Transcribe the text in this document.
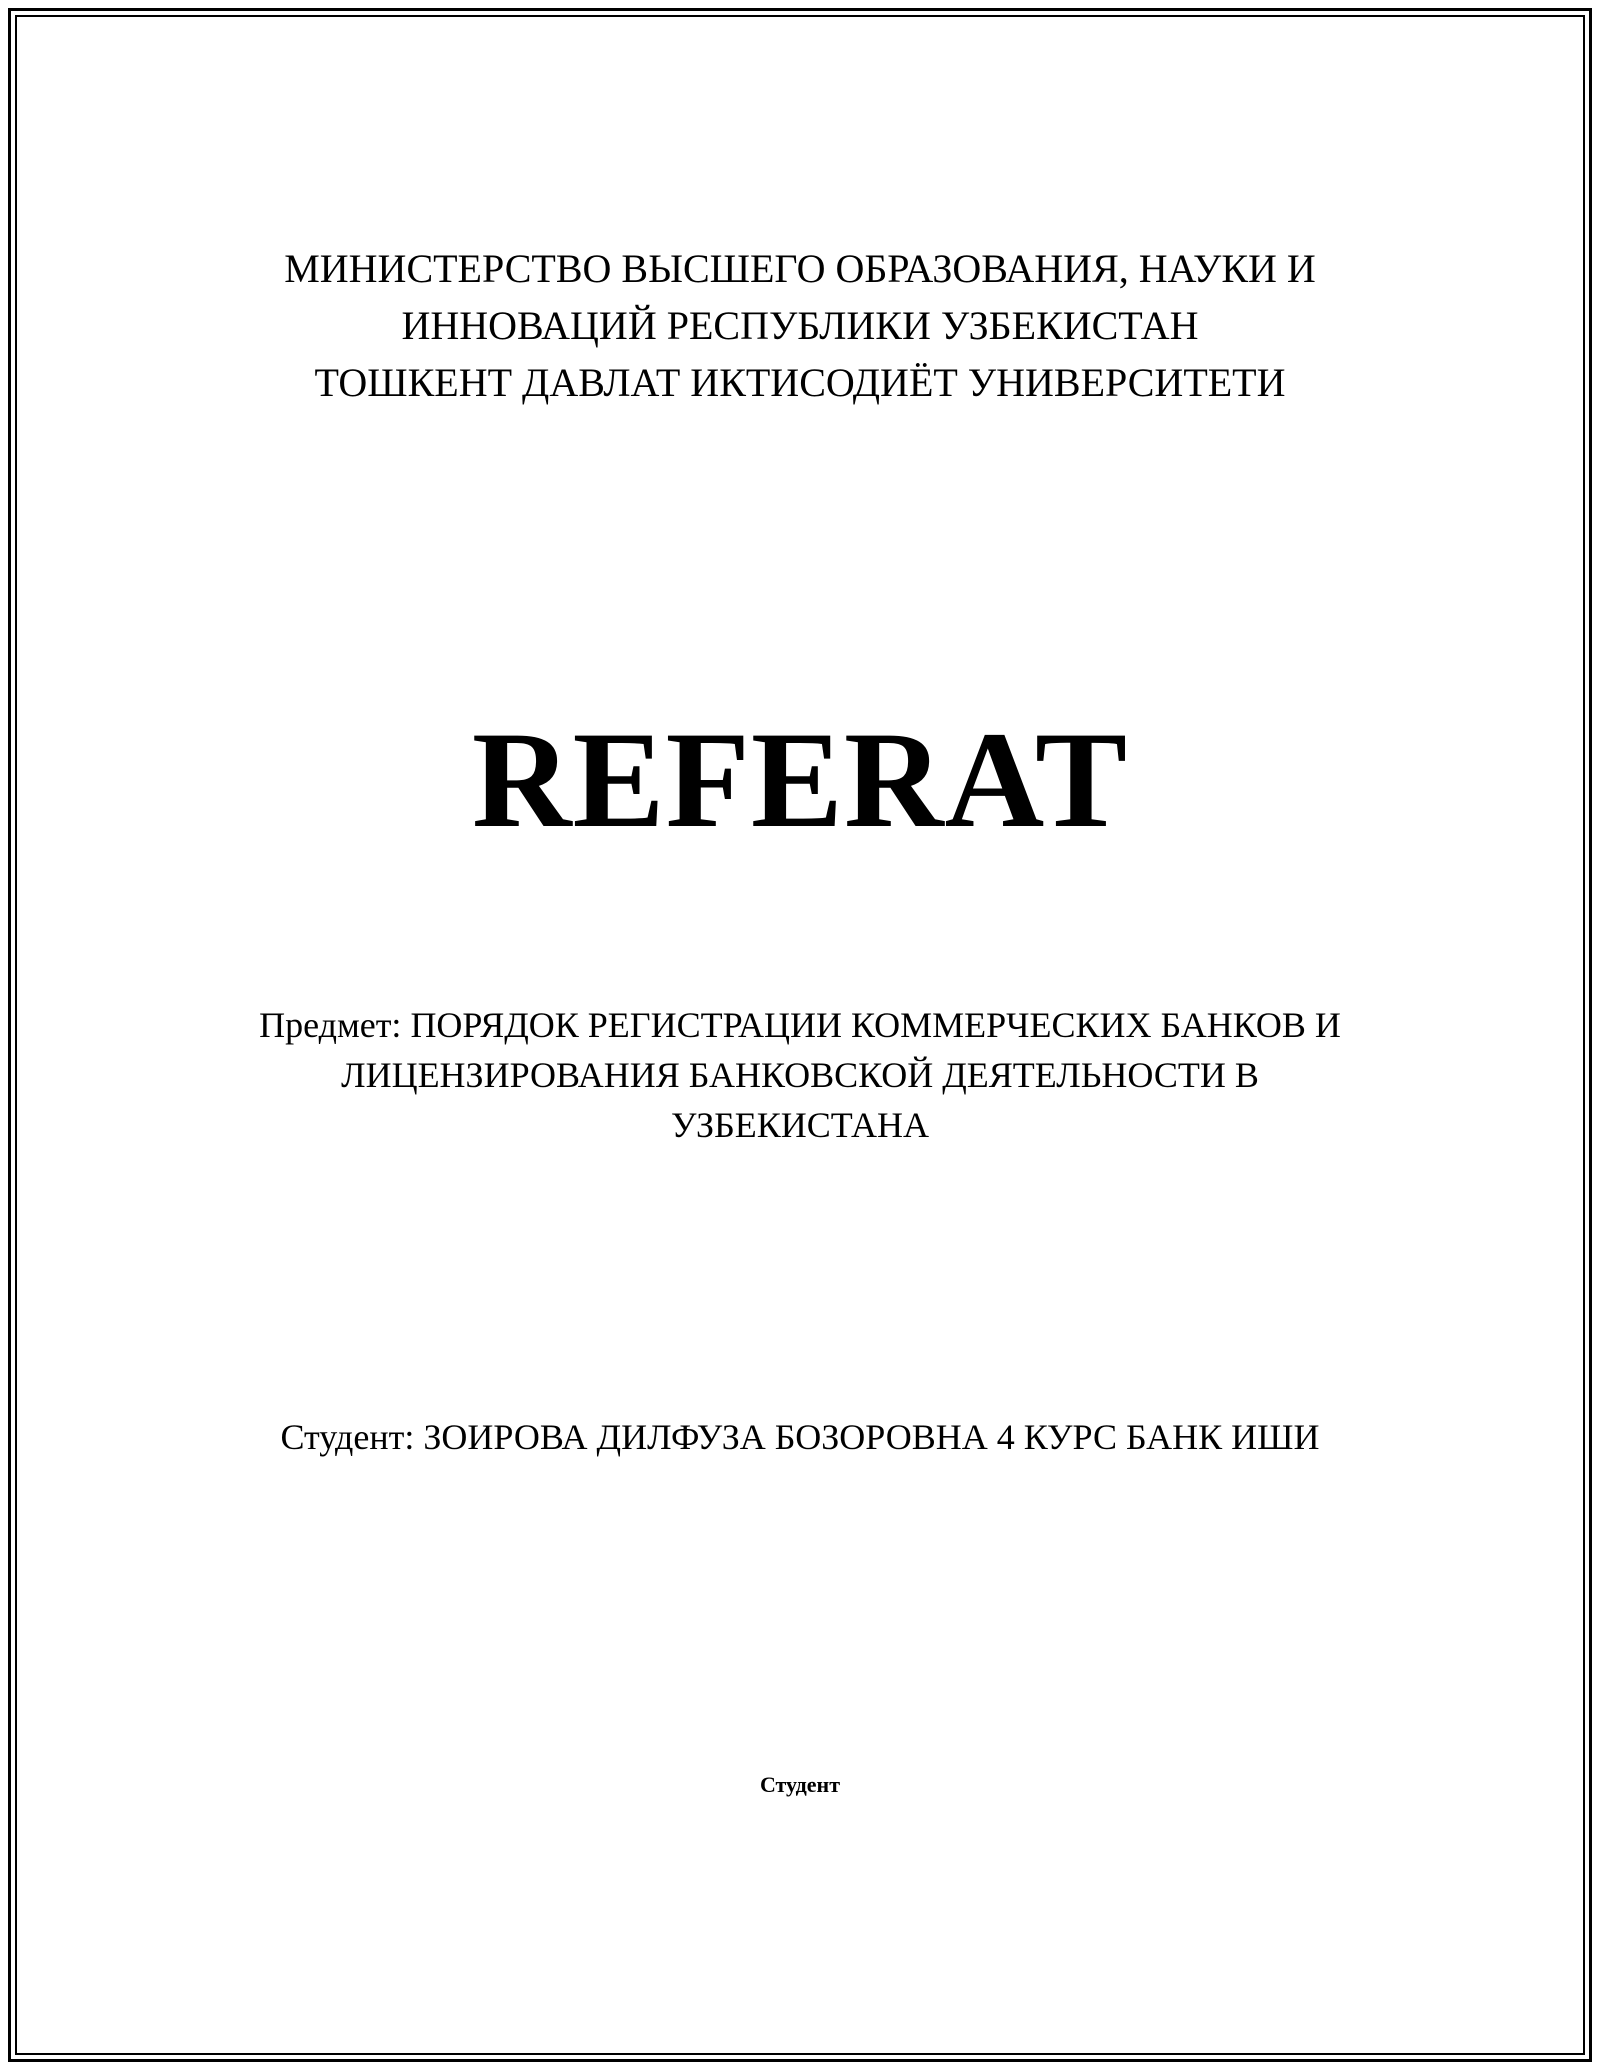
МИНИСТЕРСТВО ВЫСШЕГО ОБРАЗОВАНИЯ, НАУКИ И
ИННОВАЦИЙ РЕСПУБЛИКИ УЗБЕКИСТАН
ТОШКЕНТ ДАВЛАТ ИКТИСОДИЁТ УНИВЕРСИТЕТИ
REFERAT
Предмет: ПОРЯДОК РЕГИСТРАЦИИ КОММЕРЧЕСКИХ БАНКОВ И
ЛИЦЕНЗИРОВАНИЯ БАНКОВСКОЙ ДЕЯТЕЛЬНОСТИ В
УЗБЕКИСТАНА
Студент: ЗОИРОВА ДИЛФУЗА БОЗОРОВНА 4 КУРС БАНК ИШИ
Студент
